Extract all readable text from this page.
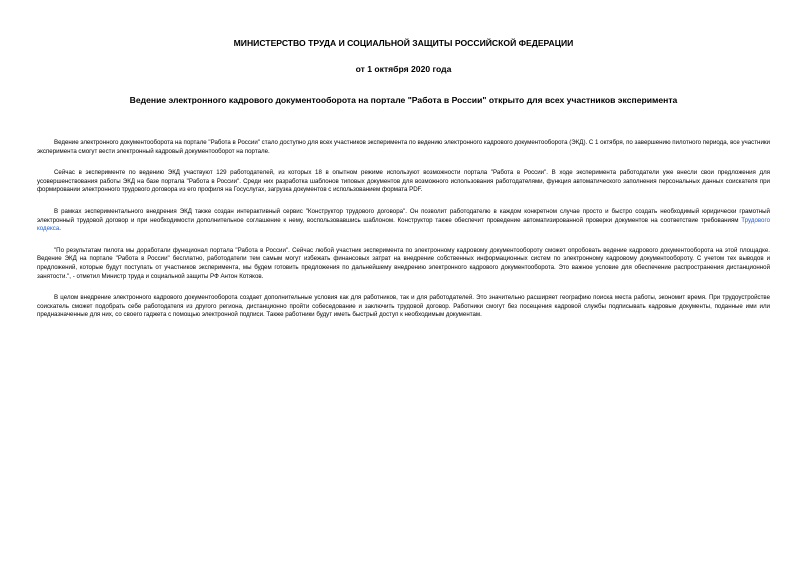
МИНИСТЕРСТВО ТРУДА И СОЦИАЛЬНОЙ ЗАЩИТЫ РОССИЙСКОЙ ФЕДЕРАЦИИ
от 1 октября 2020 года
Ведение электронного кадрового документооборота на портале "Работа в России" открыто для всех участников эксперимента

Ведение электронного документооборота на портале "Работа в России" стало доступно для всех участников эксперимента по ведению электронного кадрового документооборота (ЭКД). С 1 октября, по завершению пилотного периода, все участники эксперимента смогут вести электронный кадровый документооборот на портале.

Сейчас в эксперименте по ведению ЭКД участвуют 129 работодателей, из которых 18 в опытном режиме используют возможности портала "Работа в России". В ходе эксперимента работодатели уже внесли свои предложения для усовершенствования работы ЭКД на базе портала "Работа в России". Среди них разработка шаблонов типовых документов для возможного использования работодателями, функция автоматического заполнения персональных данных соискателя при формировании электронного трудового договора из его профиля на Госуслугах, загрузка документов с использованием формата PDF.

В рамках экспериментального внедрения ЭКД также создан интерактивный сервис "Конструктор трудового договора". Он позволит работодателю в каждом конкретном случае просто и быстро создать необходимый юридически грамотный электронный трудовой договор и при необходимости дополнительное соглашение к нему, воспользовавшись шаблоном. Конструктор также обеспечит проведение автоматизированной проверки документов на соответствие требованиям Трудового кодекса.

"По результатам пилота мы доработали функционал портала "Работа в России". Сейчас любой участник эксперимента по электронному кадровому документообороту сможет опробовать ведение кадрового документооборота на этой площадке. Ведение ЭКД на портале "Работа в России" бесплатно, работодатели тем самым могут избежать финансовых затрат на внедрение собственных информационных систем по электронному кадровому документообороту. С учетом тех выводов и предложений, которые будут поступать от участников эксперимента, мы будем готовить предложения по дальнейшему внедрению электронного кадрового документооборота. Это важное условие для обеспечение распространения дистанционной занятости.", - отметил Министр труда и социальной защиты РФ Антон Котяков.

В целом внедрение электронного кадрового документооборота создает дополнительные условия как для работников, так и для работодателей. Это значительно расширяет географию поиска места работы, экономит время. При трудоустройстве соискатель сможет подобрать себе работодателя из другого региона, дистанционно пройти собеседование и заключить трудовой договор. Работники смогут без посещения кадровой службы подписывать кадровые документы, поданные ими или предназначенные для них, со своего гаджета с помощью электронной подписи. Также работники будут иметь быстрый доступ к необходимым документам.
